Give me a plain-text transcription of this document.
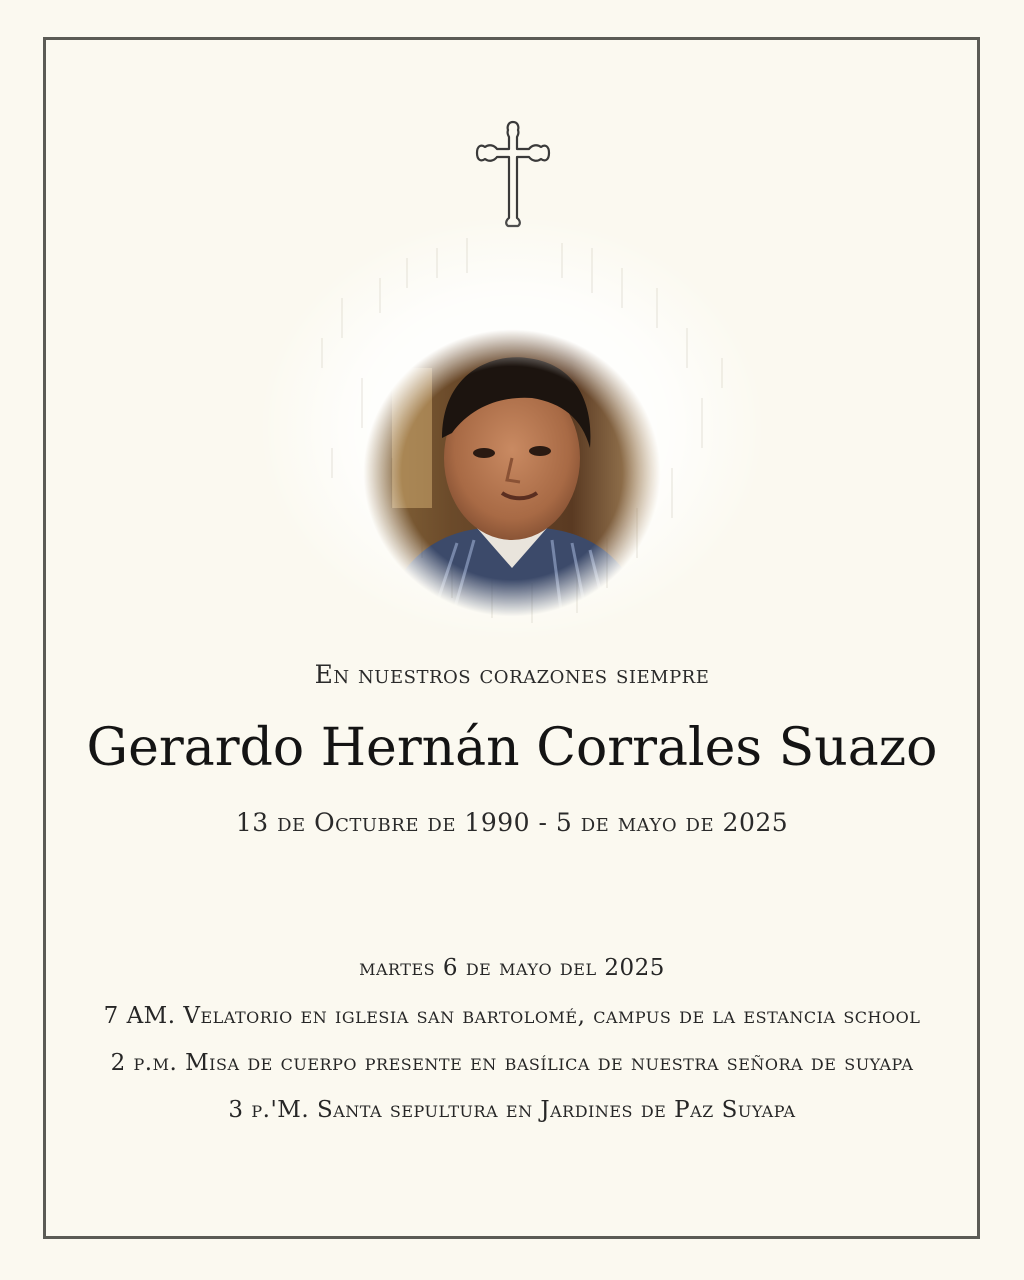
En nuestros corazones siempre
Gerardo Hernán Corrales Suazo
13 de Octubre de 1990 - 5 de mayo de 2025
martes 6 de mayo del 2025
7 AM. Velatorio en iglesia san bartolomé, campus de la estancia school
2 p.m. Misa de cuerpo presente en basílica de nuestra señora de suyapa
3 p.'M. Santa sepultura en Jardines de Paz Suyapa
